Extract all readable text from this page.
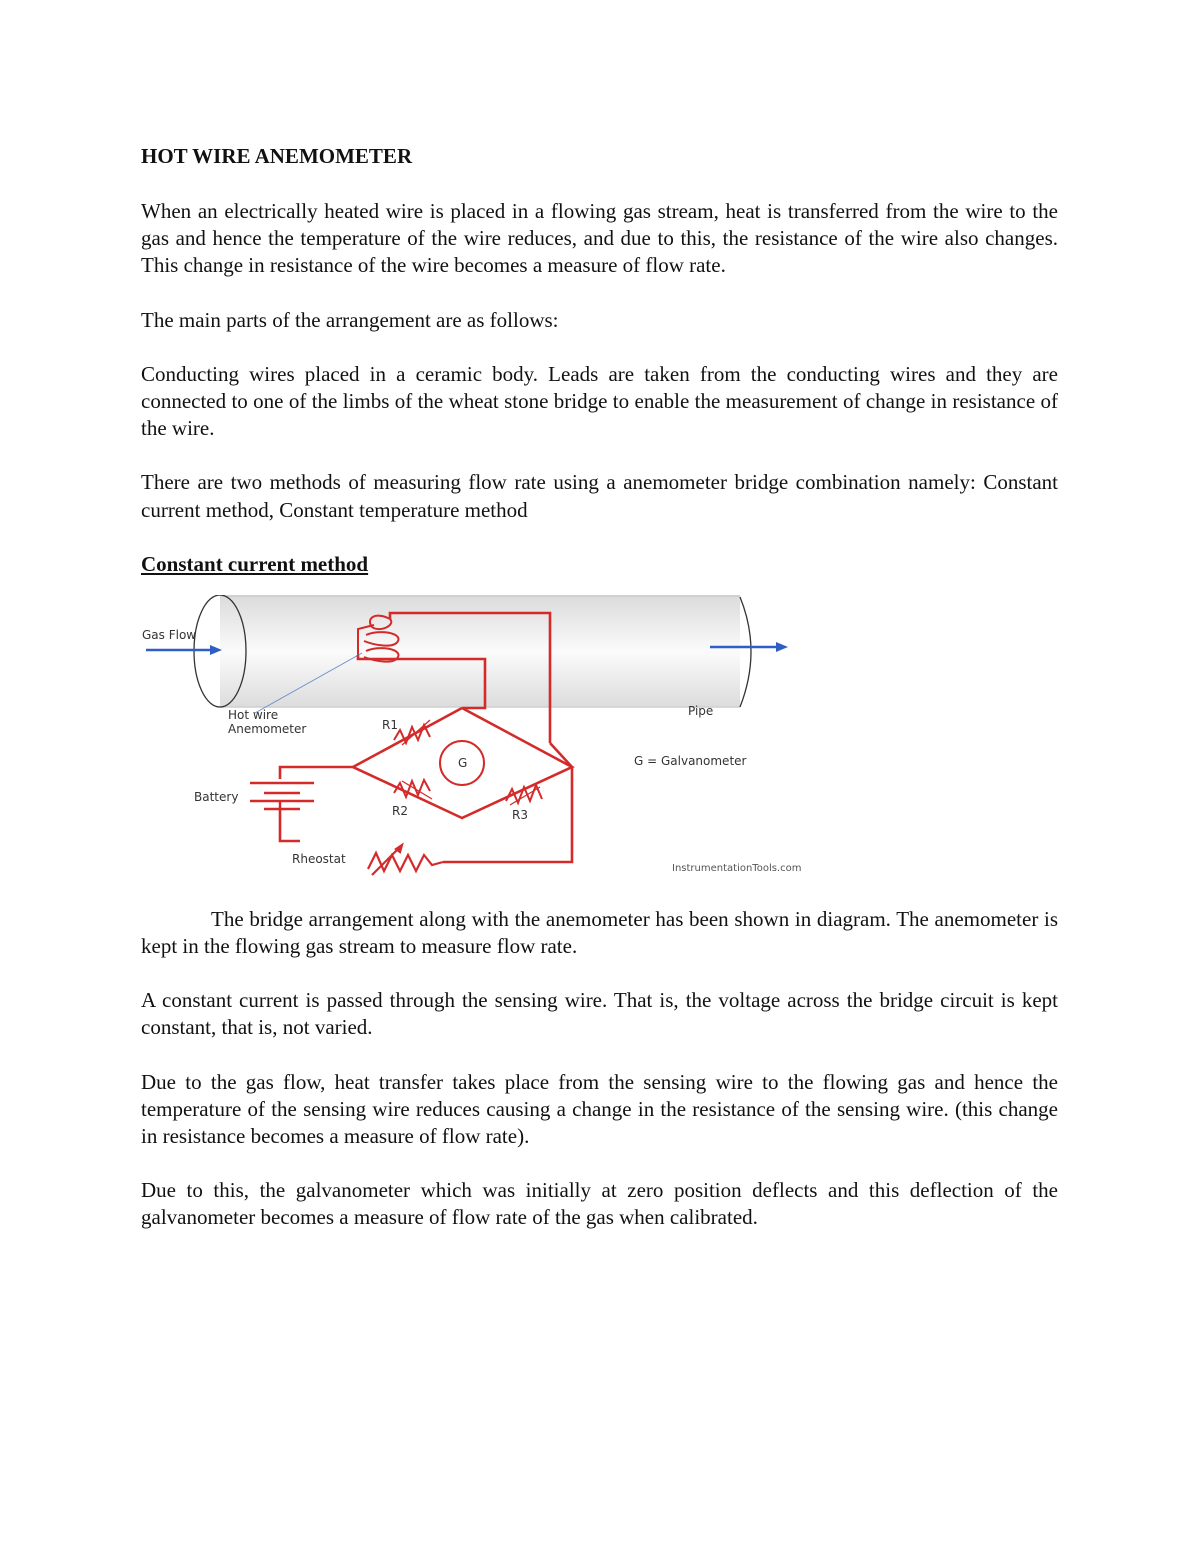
HOT WIRE ANEMOMETER

When an electrically heated wire is placed in a flowing gas stream, heat is transferred from the wire to the gas and hence the temperature of the wire reduces, and due to this, the resistance of the wire also changes. This change in resistance of the wire becomes a measure of flow rate.

The main parts of the arrangement are as follows:

Conducting wires placed in a ceramic body. Leads are taken from the conducting wires and they are connected to one of the limbs of the wheat stone bridge to enable the measurement of change in resistance of the wire.

There are two methods of measuring flow rate using a anemometer bridge combination namely: Constant current method, Constant temperature method

Constant current method
G
Gas Flow
Hot wire
Anemometer
Pipe
R1
R2	R3
G = Galvanometer
Battery
Rheostat
InstrumentationTools.com

The bridge arrangement along with the anemometer has been shown in diagram. The anemometer is kept in the flowing gas stream to measure flow rate.

A constant current is passed through the sensing wire. That is, the voltage across the bridge circuit is kept constant, that is, not varied.

Due to the gas flow, heat transfer takes place from the sensing wire to the flowing gas and hence the temperature of the sensing wire reduces causing a change in the resistance of the sensing wire. (this change in resistance becomes a measure of flow rate).

Due to this, the galvanometer which was initially at zero position deflects and this deflection of the galvanometer becomes a measure of flow rate of the gas when calibrated.
